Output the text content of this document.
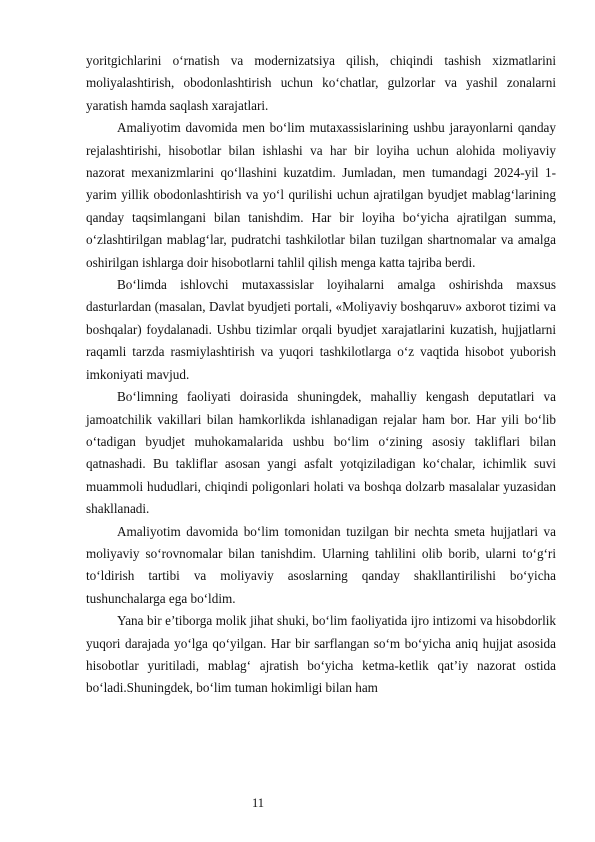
yoritgichlarini o‘rnatish va modernizatsiya qilish, chiqindi tashish xizmatlarini moliyalashtirish, obodonlashtirish uchun ko‘chatlar, gulzorlar va yashil zonalarni yaratish hamda saqlash xarajatlari.

Amaliyotim davomida men bo‘lim mutaxassislarining ushbu jarayonlarni qanday rejalashtirishi, hisobotlar bilan ishlashi va har bir loyiha uchun alohida moliyaviy nazorat mexanizmlarini qo‘llashini kuzatdim. Jumladan, men tumandagi 2024-yil 1-yarim yillik obodonlashtirish va yo‘l qurilishi uchun ajratilgan byudjet mablag‘larining qanday taqsimlangani bilan tanishdim. Har bir loyiha bo‘yicha ajratilgan summa, o‘zlashtirilgan mablag‘lar, pudratchi tashkilotlar bilan tuzilgan shartnomalar va amalga oshirilgan ishlarga doir hisobotlarni tahlil qilish menga katta tajriba berdi.

Bo‘limda ishlovchi mutaxassislar loyihalarni amalga oshirishda maxsus dasturlardan (masalan, Davlat byudjeti portali, «Moliyaviy boshqaruv» axborot tizimi va boshqalar) foydalanadi. Ushbu tizimlar orqali byudjet xarajatlarini kuzatish, hujjatlarni raqamli tarzda rasmiylashtirish va yuqori tashkilotlarga o‘z vaqtida hisobot yuborish imkoniyati mavjud.

Bo‘limning faoliyati doirasida shuningdek, mahalliy kengash deputatlari va jamoatchilik vakillari bilan hamkorlikda ishlanadigan rejalar ham bor. Har yili bo‘lib o‘tadigan byudjet muhokamalarida ushbu bo‘lim o‘zining asosiy takliflari bilan qatnashadi. Bu takliflar asosan yangi asfalt yotqiziladigan ko‘chalar, ichimlik suvi muammoli hududlari, chiqindi poligonlari holati va boshqa dolzarb masalalar yuzasidan shakllanadi.

Amaliyotim davomida bo‘lim tomonidan tuzilgan bir nechta smeta hujjatlari va moliyaviy so‘rovnomalar bilan tanishdim. Ularning tahlilini olib borib, ularni to‘g‘ri to‘ldirish tartibi va moliyaviy asoslarning qanday shakllantirilishi bo‘yicha tushunchalarga ega bo‘ldim.

Yana bir e’tiborga molik jihat shuki, bo‘lim faoliyatida ijro intizomi va hisobdorlik yuqori darajada yo‘lga qo‘yilgan. Har bir sarflangan so‘m bo‘yicha aniq hujjat asosida hisobotlar yuritiladi, mablag‘ ajratish bo‘yicha ketma-ketlik qat’iy nazorat ostida bo‘ladi.Shuningdek, bo‘lim tuman hokimligi bilan ham

11
